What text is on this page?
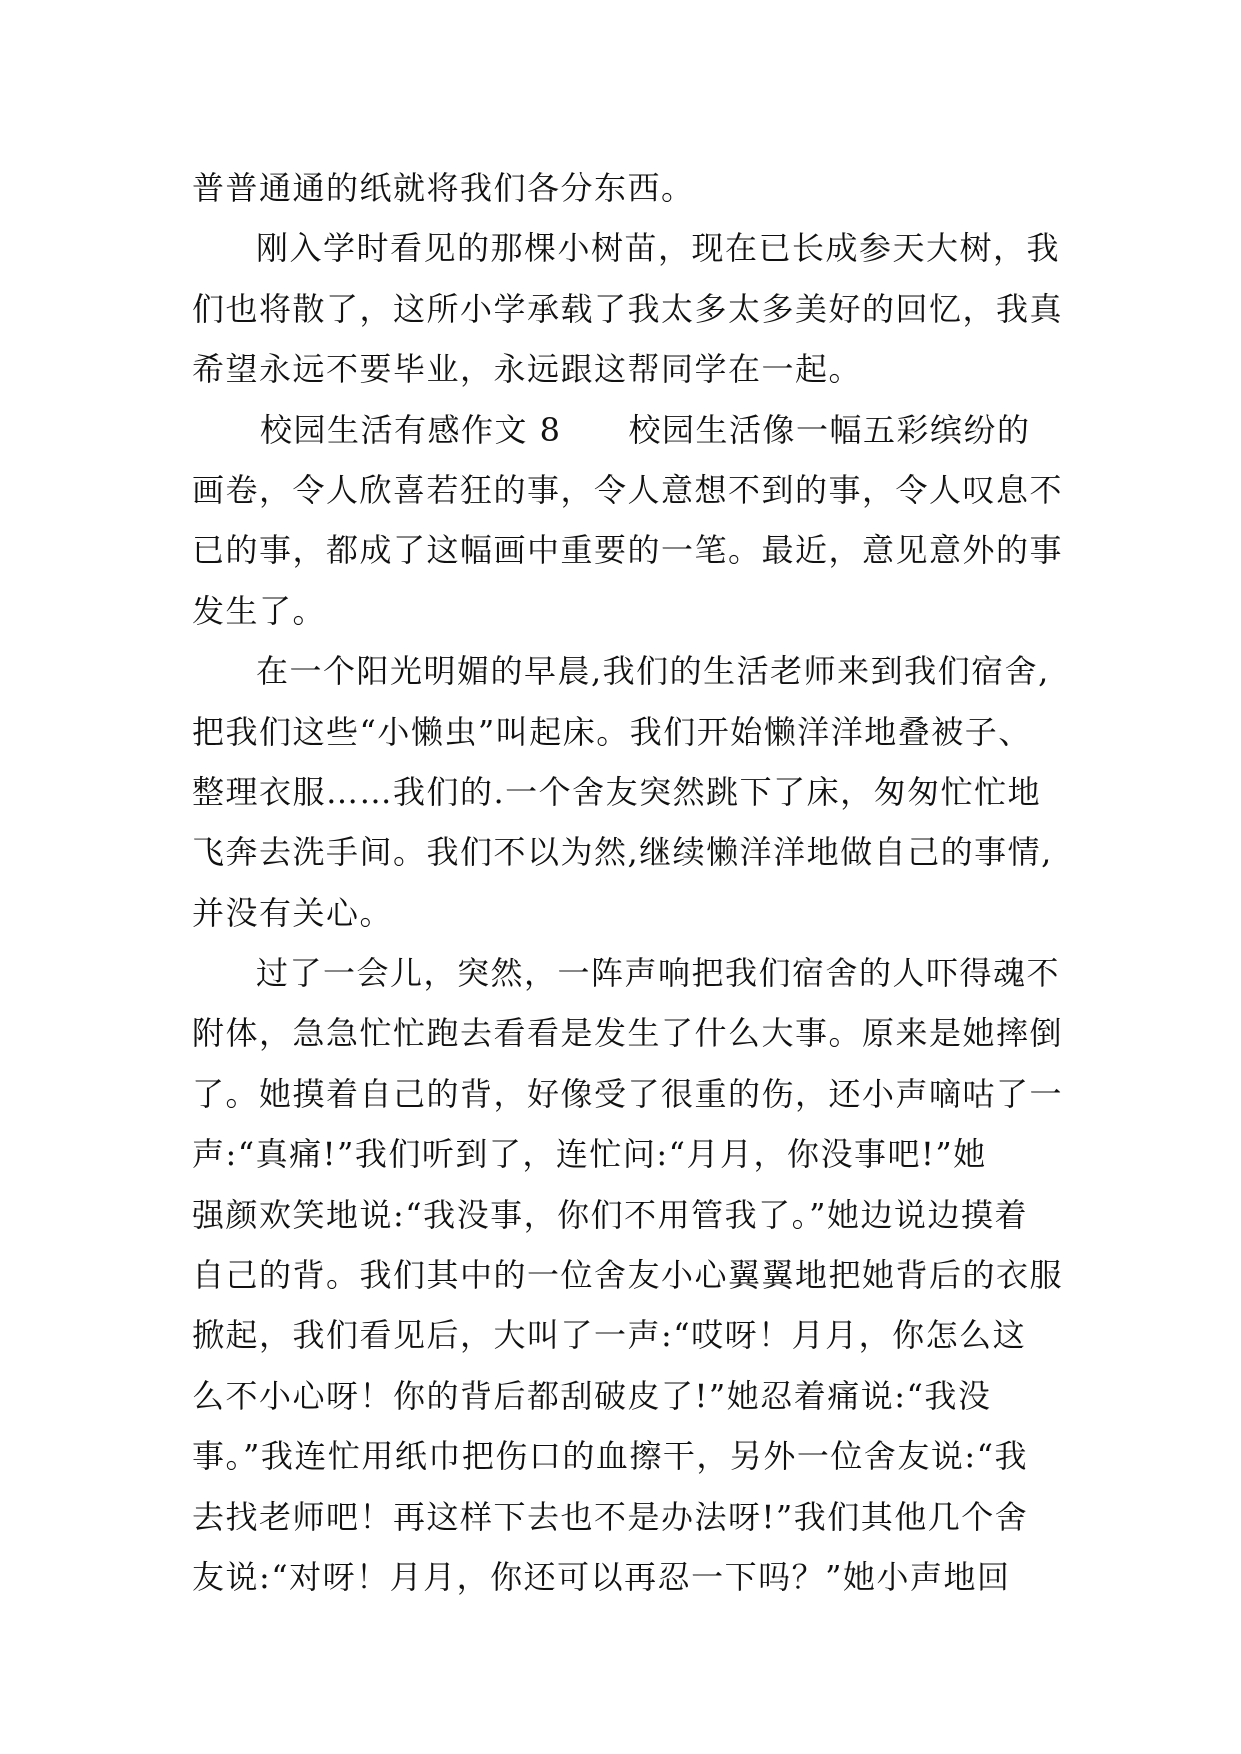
普普通通的纸就将我们各分东西。
刚入学时看见的那棵小树苗，现在已长成参天大树，我
们也将散了，这所小学承载了我太多太多美好的回忆，我真
希望永远不要毕业，永远跟这帮同学在一起。
校园生活有感作文 8　　校园生活像一幅五彩缤纷的
画卷，令人欣喜若狂的事，令人意想不到的事，令人叹息不
已的事，都成了这幅画中重要的一笔。最近，意见意外的事
发生了。
在一个阳光明媚的早晨,我们的生活老师来到我们宿舍,
把我们这些“小懒虫”叫起床。我们开始懒洋洋地叠被子、
整理衣服……我们的.一个舍友突然跳下了床，匆匆忙忙地
飞奔去洗手间。我们不以为然,继续懒洋洋地做自己的事情,
并没有关心。
过了一会儿，突然，一阵声响把我们宿舍的人吓得魂不
附体，急急忙忙跑去看看是发生了什么大事。原来是她摔倒
了。她摸着自己的背，好像受了很重的伤，还小声嘀咕了一
声:“真痛!”我们听到了，连忙问:“月月，你没事吧!”她
强颜欢笑地说:“我没事，你们不用管我了。”她边说边摸着
自己的背。我们其中的一位舍友小心翼翼地把她背后的衣服
掀起，我们看见后，大叫了一声:“哎呀！月月，你怎么这
么不小心呀！你的背后都刮破皮了!”她忍着痛说:“我没
事。”我连忙用纸巾把伤口的血擦干，另外一位舍友说:“我
去找老师吧！再这样下去也不是办法呀!”我们其他几个舍
友说:“对呀！月月，你还可以再忍一下吗？”她小声地回
